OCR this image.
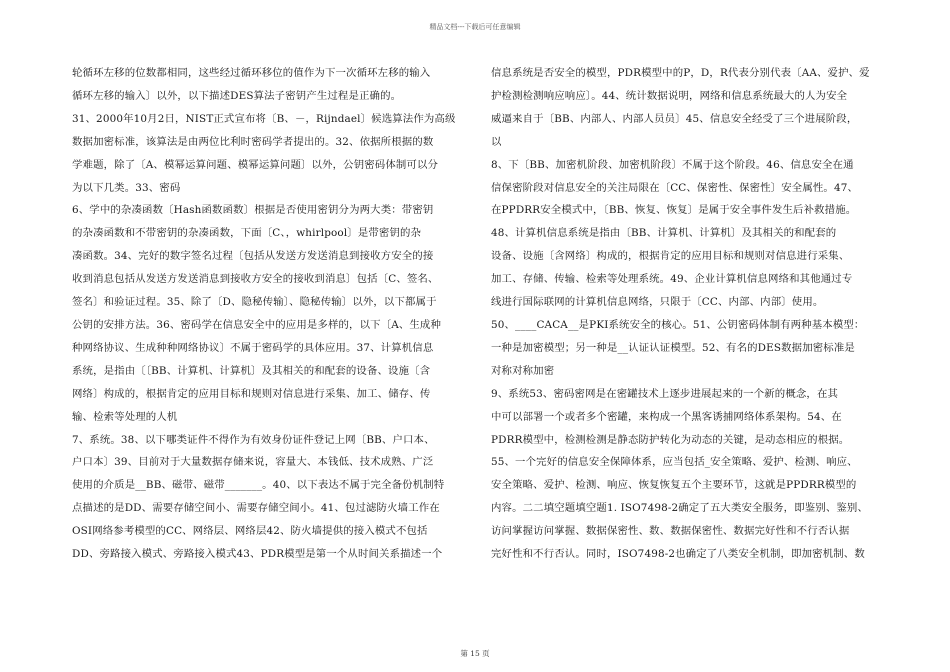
精品文档---下载后可任意编辑

轮循环左移的位数都相同，这些经过循环移位的值作为下一次循环左移的输入

循环左移的输入〕以外，以下描述DES算法子密钥产生过程是正确的。

31、2000年10月2日，NIST正式宣布将〔B、－，Rijndael〕候选算法作为高级

数据加密标准，该算法是由两位比利时密码学者提出的。32、依据所根据的数

学难题，除了〔A、模幂运算问题、模幂运算问题〕以外，公钥密码体制可以分

为以下几类。33、密码

6、学中的杂凑函数〔Hash函数函数〕根据是否使用密钥分为两大类：带密钥

的杂凑函数和不带密钥的杂凑函数，下面〔C、，whirlpool〕是带密钥的杂

凑函数。34、完好的数字签名过程〔包括从发送方发送消息到接收方安全的接

收到消息包括从发送方发送消息到接收方安全的接收到消息〕包括〔C、签名、

签名〕和验证过程。35、除了〔D、隐秘传输〕、隐秘传输〕以外，以下都属于

公钥的安排方法。36、密码学在信息安全中的应用是多样的，以下〔A、生成种

种网络协议、生成种种网络协议〕不属于密码学的具体应用。37、计算机信息

系统，是指由〔〔BB、计算机、计算机〕及其相关的和配套的设备、设施〔含

网络〕构成的，根据肯定的应用目标和规则对信息进行采集、加工、储存、传

输、检索等处理的人机

7、系统。38、以下哪类证件不得作为有效身份证件登记上网〔BB、户口本、

户口本〕39、目前对于大量数据存储来说，容量大、本钱低、技术成熟、广泛

使用的介质是__BB、磁带、磁带_______。40、以下表达不属于完全备份机制特

点描述的是DD、需要存储空间小、需要存储空间小。41、包过滤防火墙工作在

OSI网络参考模型的CC、网络层、网络层42、防火墙提供的接入模式不包括

DD、旁路接入模式、旁路接入模式43、PDR模型是第一个从时间关系描述一个

信息系统是否安全的模型，PDR模型中的P，D，R代表分别代表〔AA、爱护、爱

护检测检测响应响应〕。44、统计数据说明，网络和信息系统最大的人为安全

威逼来自于〔BB、内部人、内部人员员〕45、信息安全经受了三个进展阶段，

以

8、下〔BB、加密机阶段、加密机阶段〕不属于这个阶段。46、信息安全在通

信保密阶段对信息安全的关注局限在〔CC、保密性、保密性〕安全属性。47、

在PPDRR安全模式中，〔BB、恢复、恢复〕是属于安全事件发生后补救措施。

48、计算机信息系统是指由〔BB、计算机、计算机〕及其相关的和配套的

设备、设施〔含网络〕构成的，根据肯定的应用目标和规则对信息进行采集、

加工、存储、传输、检索等处理系统。49、企业计算机信息网络和其他通过专

线进行国际联网的计算机信息网络，只限于〔CC、内部、内部〕使用。

50、____CACA__是PKI系统安全的核心。51、公钥密码体制有两种基本模型：

一种是加密模型；另一种是__认证认证模型。52、有名的DES数据加密标准是

对称对称加密

9、系统53、密码密网是在密罐技术上逐步进展起来的一个新的概念，在其

中可以部署一个或者多个密罐，来构成一个黑客诱捕网络体系架构。54、在

PDRR模型中，检测检测是静态防护转化为动态的关键，是动态相应的根据。

55、一个完好的信息安全保障体系，应当包括_安全策略、爱护、检测、响应、

安全策略、爱护、检测、响应、恢复恢复五个主要环节，这就是PPDRR模型的

内容。二二填空题填空题1. ISO7498-2确定了五大类安全服务，即鉴别、鉴别、

访问掌握访问掌握、数据保密性、数、数据保密性、数据完好性和不行否认据

完好性和不行否认。同时，ISO7498-2也确定了八类安全机制，即加密机制、数

第 15 页
